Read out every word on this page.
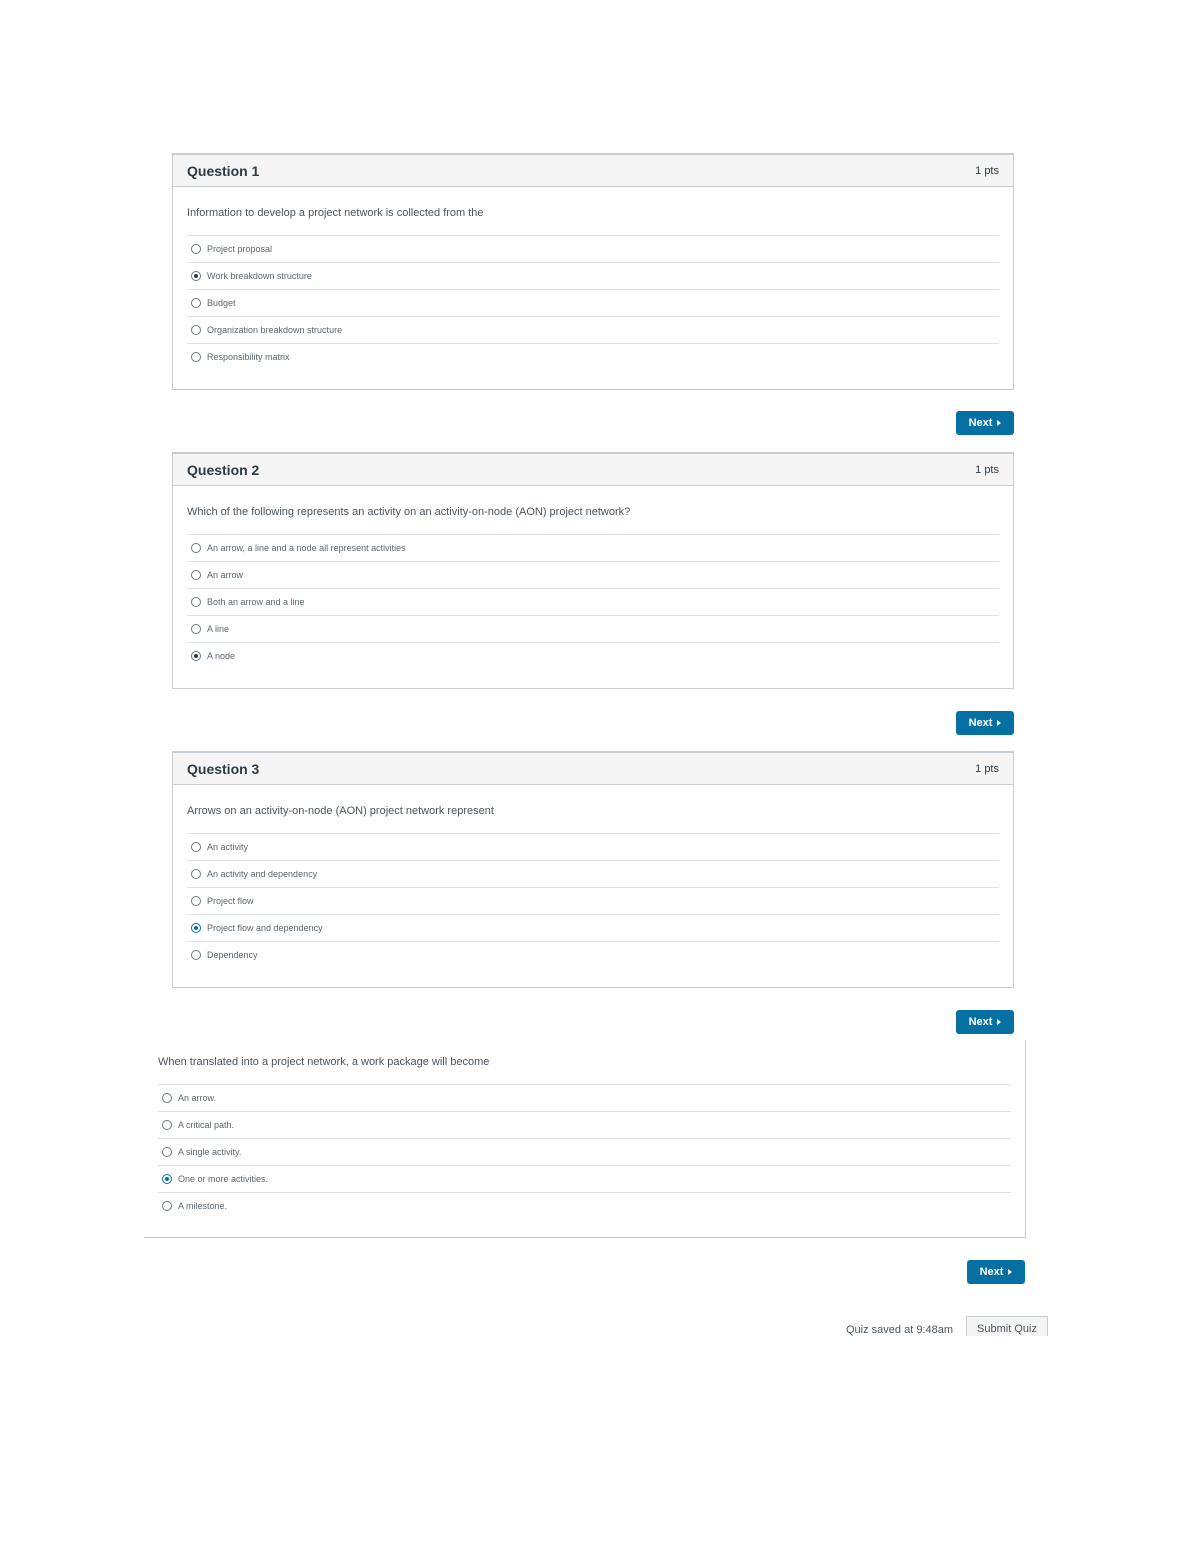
Question 1	1 pts
Information to develop a project network is collected from the
Project proposal
Work breakdown structure
Budget
Organization breakdown structure
Responsibility matrix
Next
Question 2	1 pts
Which of the following represents an activity on an activity-on-node (AON) project network?
An arrow, a line and a node all represent activities
An arrow
Both an arrow and a line
A line
A node
Next
Question 3	1 pts
Arrows on an activity-on-node (AON) project network represent
An activity
An activity and dependency
Project flow
Project flow and dependency
Dependency
Next
When translated into a project network, a work package will become
An arrow.
A critical path.
A single activity.
One or more activities.
A milestone.
Next
Quiz saved at 9:48am	Submit Quiz
